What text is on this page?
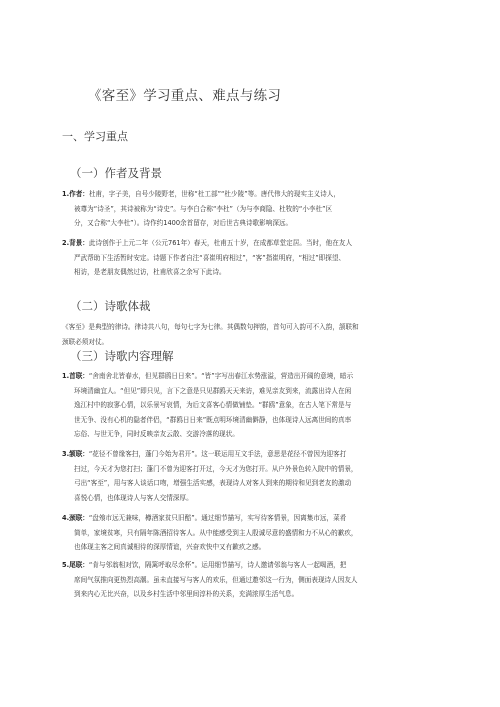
《客至》学习重点、难点与练习
一、学习重点
（一）作者及背景
1.作者：杜甫，字子美，自号少陵野老，世称“杜工部”“杜少陵”等。唐代伟大的现实主义诗人，
被尊为“诗圣”，其诗被称为“诗史”。与李白合称“李杜”（为与李商隐、杜牧的“小李杜”区
分，又合称“大李杜”）。诗作约1400余首留存，对后世古典诗歌影响深远。
2.背景：此诗创作于上元二年（公元761年）春天，杜甫五十岁，在成都草堂定居。当时，他在友人
严武帮助下生活暂时安定。诗题下作者自注“喜崔明府相过”，“客”指崔明府，“相过”即探望、
相访，是老朋友偶然过访，杜甫欣喜之余写下此诗。
（二）诗歌体裁
《客至》是典型的律诗。律诗共八句，每句七字为七律。其偶数句押韵，首句可入韵可不入韵，颔联和
颈联必须对仗。
（三）诗歌内容理解
1.首联：“舍南舍北皆春水，但见群鸥日日来”。“皆”字写出春江水势涨溢，营造出开阔的意境，暗示
环境清幽宜人。“但见”即只见，言下之意是只见群鸥天天来访，难见亲友到来，流露出诗人在闲
逸江村中的寂寥心情，以乐景写哀情，为后文喜客心情做铺垫。“群鸥”意象，在古人笔下常是与
世无争、没有心机的隐者伴侣，“群鸥日日来”既点明环境清幽僻静，也体现诗人远离世间的真率
忘俗、与世无争，同时反映亲友云散、交游冷落的现状。
3.颔联：“花径不曾缘客扫，蓬门今始为君开”。这一联运用互文手法，意思是花径不曾因为迎客打
扫过，今天才为您打扫；蓬门不曾为迎客打开过，今天才为您打开。从户外景色转入院中的情景，
弓出“客至”，用与客人谈话口吻，增强生活实感，表现诗人对客人到来的期待和见到老友的激动
喜悦心情，也体现诗人与客人交情深厚。
4.颈联：“盘飧市远无兼味，樽酒家贫只旧醅”。通过细节描写，实写待客情景，因离集市远，菜肴
简单，家境贫寒，只有隔年陈酒招待客人。从中能感受到主人殷诚尽意的盛情和力不从心的歉疚，
也体现主客之间真诚相待的深厚情谊，兴奋欢快中又有歉疚之感。
5.尾联：“肯与邻翁相对饮，隔篱呼取尽余杯”。运用细节描写，诗人邀请邻翁与客人一起喝酒，把
席间气氛推向更热烈高潮。虽未直接写与客人的欢乐，但通过邀邻这一行为，侧面表现诗人因友人
到来内心无比兴奋，以及乡村生活中邻里间淳朴的关系，充满浓厚生活气息。
